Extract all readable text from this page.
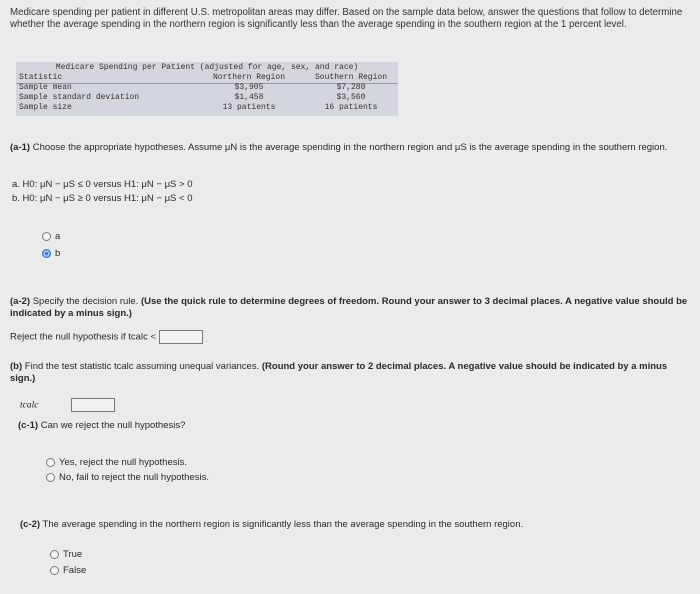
Medicare spending per patient in different U.S. metropolitan areas may differ. Based on the sample data below, answer the questions that follow to determine whether the average spending in the northern region is significantly less than the average spending in the southern region at the 1 percent level.
Medicare Spending per Patient (adjusted for age, sex, and race)
Statistic	Northern Region	Southern Region
Sample mean	$3,905	$7,280
Sample standard deviation	$1,458	$3,560
Sample size	13 patients	16 patients
(a-1) Choose the appropriate hypotheses. Assume μN is the average spending in the northern region and μS is the average spending in the southern region.
a. H0: μN − μS ≤ 0 versus H1: μN − μS > 0
b. H0: μN − μS ≥ 0 versus H1: μN − μS < 0
a
b
(a-2) Specify the decision rule. (Use the quick rule to determine degrees of freedom. Round your answer to 3 decimal places. A negative value should be indicated by a minus sign.)
Reject the null hypothesis if tcalc <
(b) Find the test statistic tcalc assuming unequal variances. (Round your answer to 2 decimal places. A negative value should be indicated by a minus sign.)
tcalc
(c-1) Can we reject the null hypothesis?
Yes, reject the null hypothesis.
No, fail to reject the null hypothesis.
(c-2) The average spending in the northern region is significantly less than the average spending in the southern region.
True
False
